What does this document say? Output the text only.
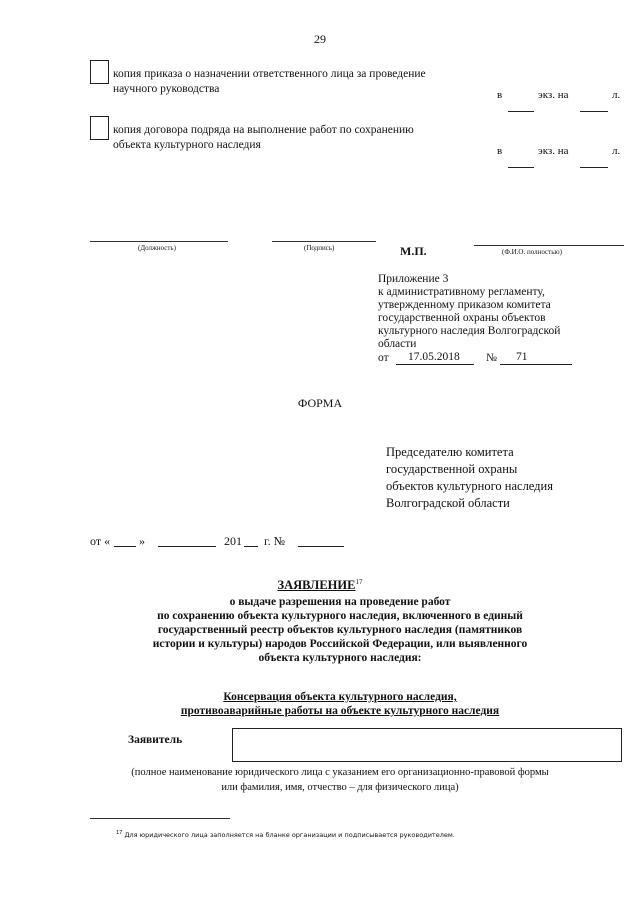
29
копия приказа о назначении ответственного лица за проведение
научного руководства	в	экз. на	л.
копия договора подряда на выполнение работ по сохранению
объекта культурного наследия	в	экз. на	л.
(Должность)	(Подпись)	М.П.	(Ф.И.О. полностью)
Приложение 3
к административному регламенту,
утвержденному приказом комитета
государственной охраны объектов
культурного наследия Волгоградской
области
от 17.05.2018 № 71
ФОРМА
Председателю комитета
государственной охраны
объектов культурного наследия
Волгоградской области
от « »	201 г. №
ЗАЯВЛЕНИЕ17
о выдаче разрешения на проведение работ
по сохранению объекта культурного наследия, включенного в единый
государственный реестр объектов культурного наследия (памятников
истории и культуры) народов Российской Федерации, или выявленного
объекта культурного наследия:
Консервация объекта культурного наследия,
противоаварийные работы на объекте культурного наследия
Заявитель
(полное наименование юридического лица с указанием его организационно-правовой формы
или фамилия, имя, отчество – для физического лица)
$^{17}$ Для юридического лица заполняется на бланке организации и подписывается руководителем.
